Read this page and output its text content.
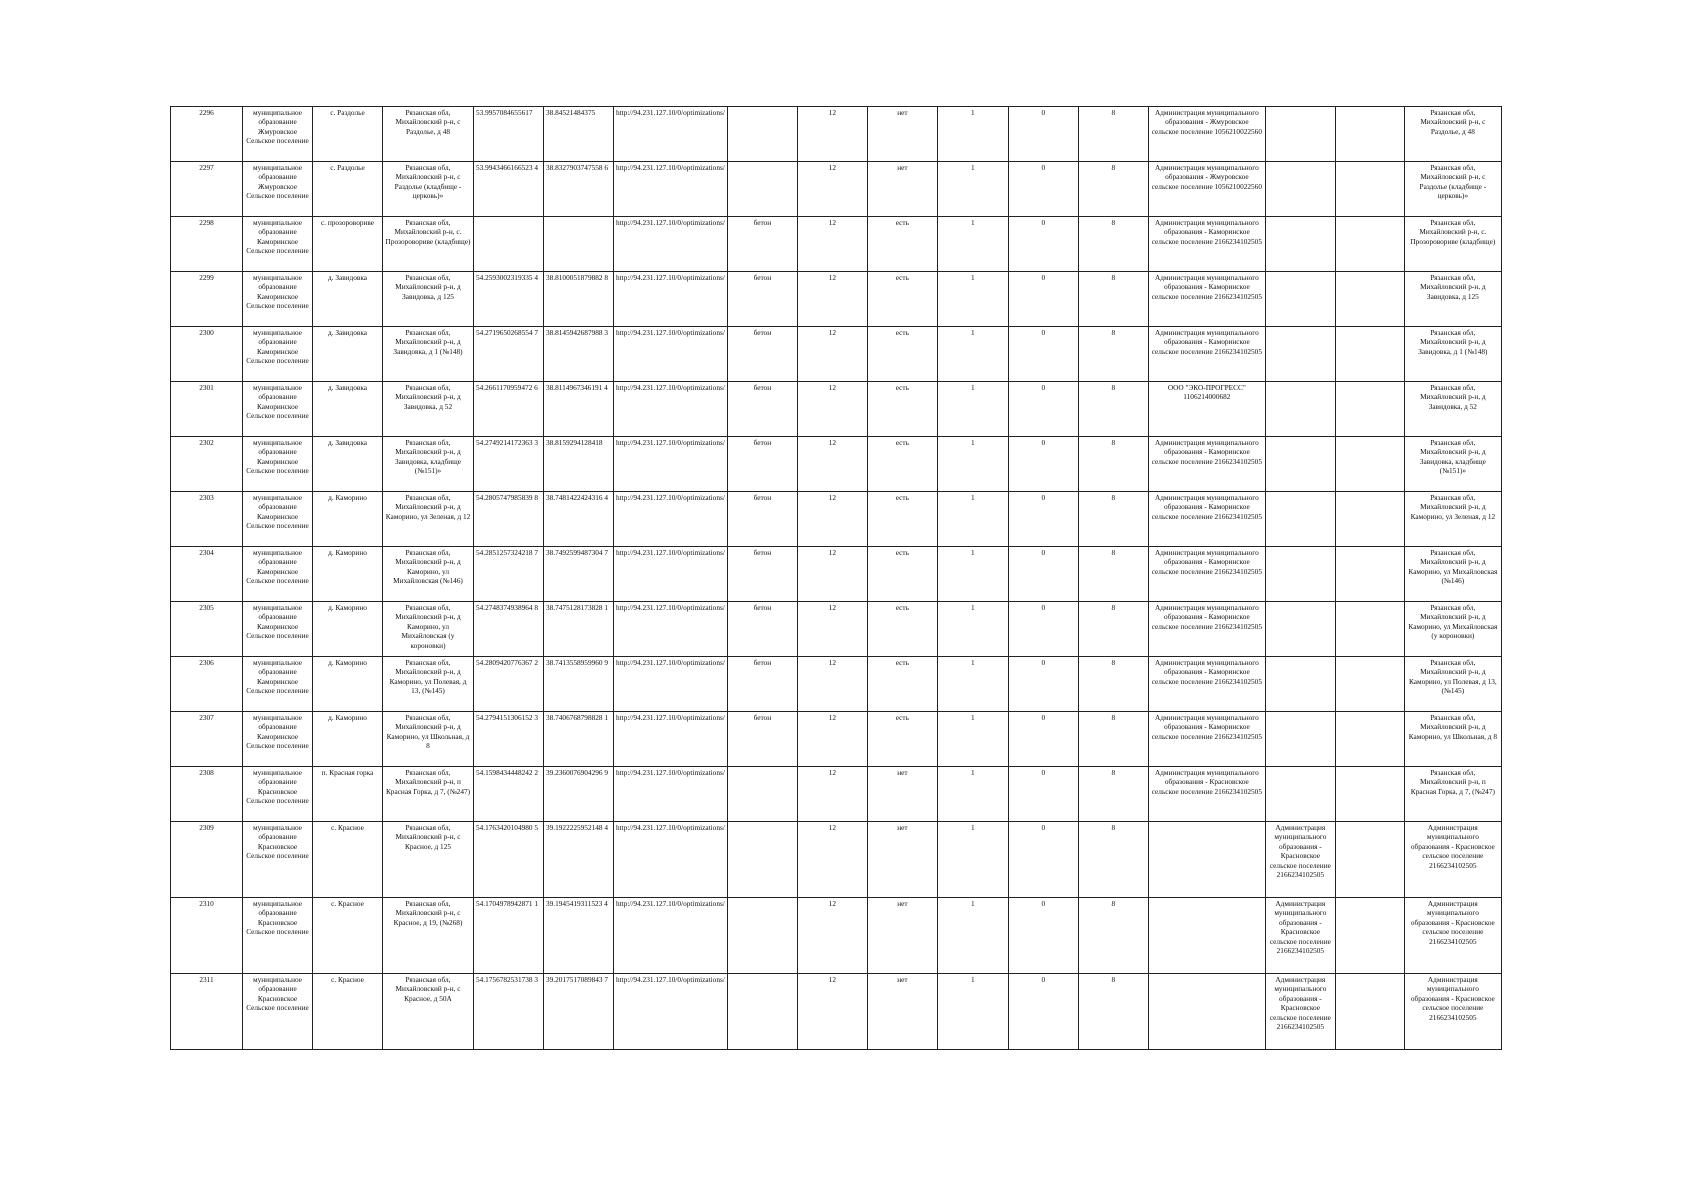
2296	муниципальное образование Жмуровское Сельское поселение	с. Раздолье	Рязанская обл, Михайловский р-н, с Раздолье, д 48	53.9957084655617	38.84521484375	http://94.231.127.10/0/optimizations/		12	нет	1	0	8	Администрация муниципального образования - Жмуровское сельское поселение 1056210022560			Рязанская обл, Михайловский р-н, с Раздолье, д 48
2297	муниципальное образование Жмуровское Сельское поселение	с. Раздолье	Рязанская обл, Михайловский р-н, с Раздолье (кладбище - церковь)»	53.9943466166523 4	38.8327903747558 6	http://94.231.127.10/0/optimizations/		12	нет	1	0	8	Администрация муниципального образования - Жмуровское сельское поселение 1056210022560			Рязанская обл, Михайловский р-н, с Раздолье (кладбище - церковь)»
2298	муниципальное образование Каморинское Сельское поселение	с. прозоровориве	Рязанская обл, Михайловский р-н, с. Прозоровориве (кладбище)			http://94.231.127.10/0/optimizations/	бетон	12	есть	1	0	8	Администрация муниципального образования - Каморинское сельское поселение 2166234102505			Рязанская обл, Михайловский р-н, с. Прозоровориве (кладбище)
2299	муниципальное образование Каморинское Сельское поселение	д. Завидовка	Рязанская обл, Михайловский р-н, д Завидовка, д 125	54.2593002319335 4	38.8100051879882 8	http://94.231.127.10/0/optimizations/	бетон	12	есть	1	0	8	Администрация муниципального образования - Каморинское сельское поселение 2166234102505			Рязанская обл, Михайловский р-н, д Завидовка, д 125
2300	муниципальное образование Каморинское Сельское поселение	д. Завидовка	Рязанская обл, Михайловский р-н, д Завидовка, д 1 (№148)	54.2719650268554 7	38.8145942687988 3	http://94.231.127.10/0/optimizations/	бетон	12	есть	1	0	8	Администрация муниципального образования - Каморинское сельское поселение 2166234102505			Рязанская обл, Михайловский р-н, д Завидовка, д 1 (№148)
2301	муниципальное образование Каморинское Сельское поселение	д. Завидовка	Рязанская обл, Михайловский р-н, д Завидовка, д 52	54.2661170959472 6	38.8114967346191 4	http://94.231.127.10/0/optimizations/	бетон	12	есть	1	0	8	ООО "ЭКО-ПРОГРЕСС" 1106214000682			Рязанская обл, Михайловский р-н, д Завидовка, д 52
2302	муниципальное образование Каморинское Сельское поселение	д. Завидовка	Рязанская обл, Михайловский р-н, д Завидовка, кладбище (№151)»	54.2749214172363 3	38.8159294128418	http://94.231.127.10/0/optimizations/	бетон	12	есть	1	0	8	Администрация муниципального образования - Каморинское сельское поселение 2166234102505			Рязанская обл, Михайловский р-н, д Завидовка, кладбище (№151)»
2303	муниципальное образование Каморинское Сельское поселение	д. Каморино	Рязанская обл, Михайловский р-н, д Каморино, ул Зеленая, д 12	54.2805747985839 8	38.7481422424316 4	http://94.231.127.10/0/optimizations/	бетон	12	есть	1	0	8	Администрация муниципального образования - Каморинское сельское поселение 2166234102505			Рязанская обл, Михайловский р-н, д Каморино, ул Зеленая, д 12
2304	муниципальное образование Каморинское Сельское поселение	д. Каморино	Рязанская обл, Михайловский р-н, д Каморино, ул Михайловская (№146)	54.2851257324218 7	38.7492599487304 7	http://94.231.127.10/0/optimizations/	бетон	12	есть	1	0	8	Администрация муниципального образования - Каморинское сельское поселение 2166234102505			Рязанская обл, Михайловский р-н, д Каморино, ул Михайловская (№146)
2305	муниципальное образование Каморинское Сельское поселение	д. Каморино	Рязанская обл, Михайловский р-н, д Каморино, ул Михайловская (у короновки)	54.2748374938964 8	38.7475128173828 1	http://94.231.127.10/0/optimizations/	бетон	12	есть	1	0	8	Администрация муниципального образования - Каморинское сельское поселение 2166234102505			Рязанская обл, Михайловский р-н, д Каморино, ул Михайловская (у короновки)
2306	муниципальное образование Каморинское Сельское поселение	д. Каморино	Рязанская обл, Михайловский р-н, д Каморино, ул Полевая, д 13, (№145)	54.2809420776367 2	38.7413558959960 9	http://94.231.127.10/0/optimizations/	бетон	12	есть	1	0	8	Администрация муниципального образования - Каморинское сельское поселение 2166234102505			Рязанская обл, Михайловский р-н, д Каморино, ул Полевая, д 13, (№145)
2307	муниципальное образование Каморинское Сельское поселение	д. Каморино	Рязанская обл, Михайловский р-н, д Каморино, ул Школьная, д 8	54.2794151306152 3	38.7406768798828 1	http://94.231.127.10/0/optimizations/	бетон	12	есть	1	0	8	Администрация муниципального образования - Каморинское сельское поселение 2166234102505			Рязанская обл, Михайловский р-н, д Каморино, ул Школьная, д 8
2308	муниципальное образование Красновское Сельское поселение	п. Красная горка	Рязанская обл, Михайловский р-н, п Красная Горка, д 7, (№247)	54.1598434448242 2	39.2360076904296 9	http://94.231.127.10/0/optimizations/		12	нет	1	0	8	Администрация муниципального образования - Красновское сельское поселение 2166234102505			Рязанская обл, Михайловский р-н, п Красная Горка, д 7, (№247)
2309	муниципальное образование Красновское Сельское поселение	с. Красное	Рязанская обл, Михайловский р-н, с Красное, д 125	54.1763420104980 5	39.1922225952148 4	http://94.231.127.10/0/optimizations/		12	нет	1	0	8		Администрация муниципального образования - Красновское сельское поселение 2166234102505		Администрация муниципального образования - Красновское сельское поселение 2166234102505
2310	муниципальное образование Красновское Сельское поселение	с. Красное	Рязанская обл, Михайловский р-н, с Красное, д 19, (№268)	54.1704978942871 1	39.1945419311523 4	http://94.231.127.10/0/optimizations/		12	нет	1	0	8		Администрация муниципального образования - Красновское сельское поселение 2166234102505		Администрация муниципального образования - Красновское сельское поселение 2166234102505
2311	муниципальное образование Красновское Сельское поселение	с. Красное	Рязанская обл, Михайловский р-н, с Красное, д 50А	54.1756782531738 3	39.2017517089843 7	http://94.231.127.10/0/optimizations/		12	нет	1	0	8		Администрация муниципального образования - Красновское сельское поселение 2166234102505		Администрация муниципального образования - Красновское сельское поселение 2166234102505
